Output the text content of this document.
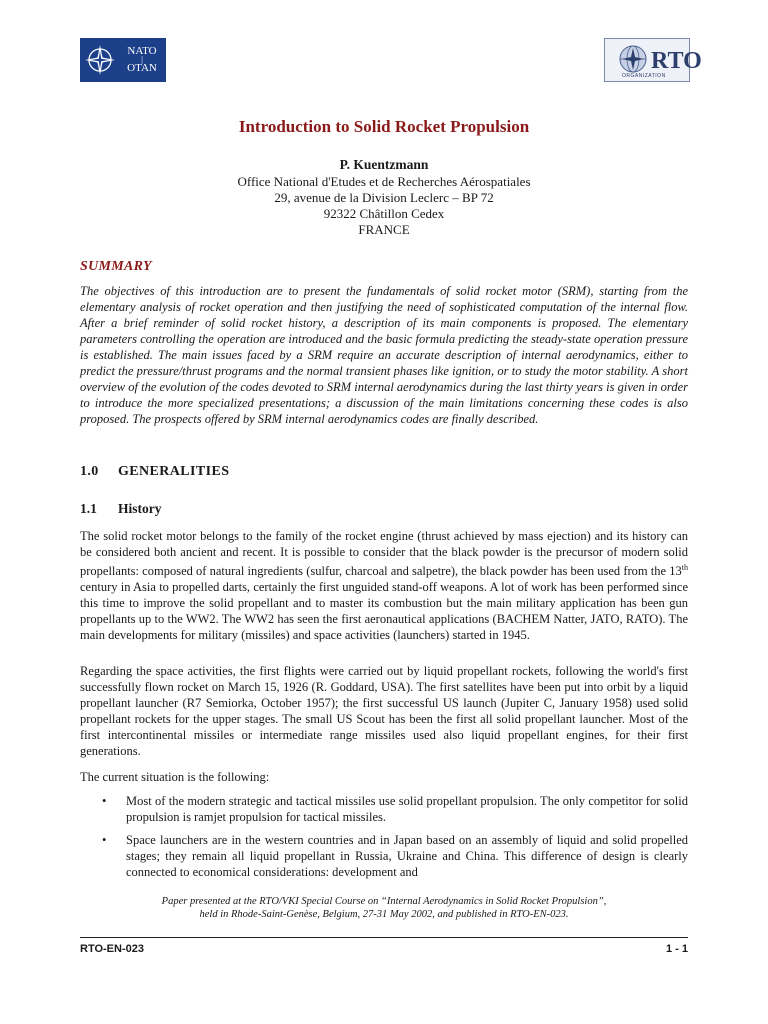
NATO
|
OTAN	RTO
ORGANIZATION
Introduction to Solid Rocket Propulsion
P. Kuentzmann
Office National d'Etudes et de Recherches Aérospatiales
29, avenue de la Division Leclerc – BP 72
92322 Châtillon Cedex
FRANCE
SUMMARY
The objectives of this introduction are to present the fundamentals of solid rocket motor (SRM), starting from the elementary analysis of rocket operation and then justifying the need of sophisticated computation of the internal flow. After a brief reminder of solid rocket history, a description of its main components is proposed. The elementary parameters controlling the operation are introduced and the basic formula predicting the steady-state operation pressure is established. The main issues faced by a SRM require an accurate description of internal aerodynamics, either to predict the pressure/thrust programs and the normal transient phases like ignition, or to study the motor stability. A short overview of the evolution of the codes devoted to SRM internal aerodynamics during the last thirty years is given in order to introduce the more specialized presentations; a discussion of the main limitations concerning these codes is also proposed. The prospects offered by SRM internal aerodynamics codes are finally described.
1.0 GENERALITIES
1.1 History
The solid rocket motor belongs to the family of the rocket engine (thrust achieved by mass ejection) and its history can be considered both ancient and recent. It is possible to consider that the black powder is the precursor of modern solid propellants: composed of natural ingredients (sulfur, charcoal and salpetre), the black powder has been used from the 13th century in Asia to propelled darts, certainly the first unguided stand-off weapons. A lot of work has been performed since this time to improve the solid propellant and to master its combustion but the main military application has been gun propellants up to the WW2. The WW2 has seen the first aeronautical applications (BACHEM Natter, JATO, RATO). The main developments for military (missiles) and space activities (launchers) started in 1945.
Regarding the space activities, the first flights were carried out by liquid propellant rockets, following the world's first successfully flown rocket on March 15, 1926 (R. Goddard, USA). The first satellites have been put into orbit by a liquid propellant launcher (R7 Semiorka, October 1957); the first successful US launch (Jupiter C, January 1958) used solid propellant rockets for the upper stages. The small US Scout has been the first all solid propellant launcher. Most of the first intercontinental missiles or intermediate range missiles used also liquid propellant engines, for their first generations.
The current situation is the following:
•	Most of the modern strategic and tactical missiles use solid propellant propulsion. The only competitor for solid propulsion is ramjet propulsion for tactical missiles.
•	Space launchers are in the western countries and in Japan based on an assembly of liquid and solid propelled stages; they remain all liquid propellant in Russia, Ukraine and China. This difference of design is clearly connected to economical considerations: development and
Paper presented at the RTO/VKI Special Course on “Internal Aerodynamics in Solid Rocket Propulsion”,
held in Rhode-Saint-Genèse, Belgium, 27-31 May 2002, and published in RTO-EN-023.
RTO-EN-023	1 - 1
